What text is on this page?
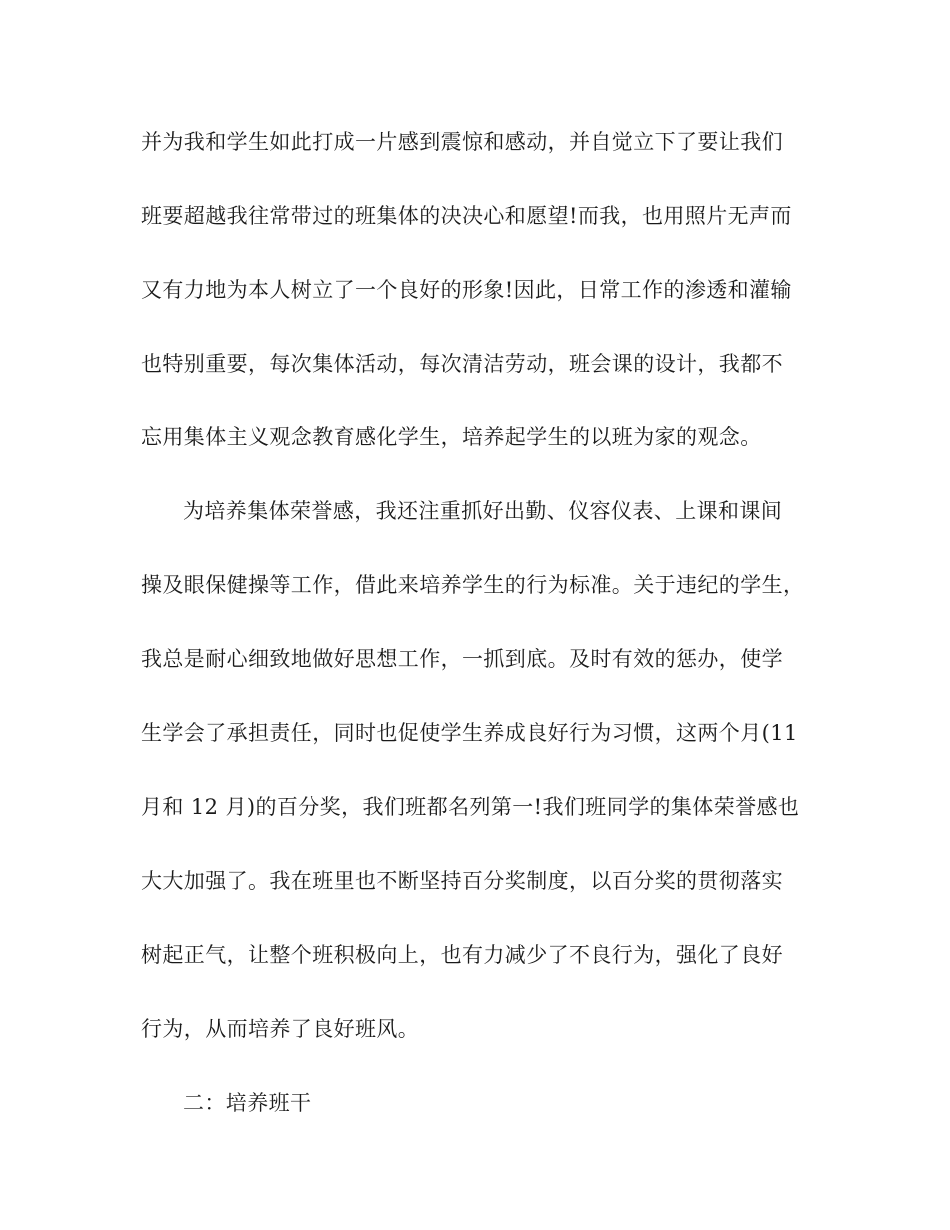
并为我和学生如此打成一片感到震惊和感动，并自觉立下了要让我们
班要超越我往常带过的班集体的决决心和愿望!而我，也用照片无声而
又有力地为本人树立了一个良好的形象!因此，日常工作的渗透和灌输
也特别重要，每次集体活动，每次清洁劳动，班会课的设计，我都不
忘用集体主义观念教育感化学生，培养起学生的以班为家的观念。
为培养集体荣誉感，我还注重抓好出勤、仪容仪表、上课和课间
操及眼保健操等工作，借此来培养学生的行为标准。关于违纪的学生，
我总是耐心细致地做好思想工作，一抓到底。及时有效的惩办，使学
生学会了承担责任，同时也促使学生养成良好行为习惯，这两个月(11
月和 12 月)的百分奖，我们班都名列第一!我们班同学的集体荣誉感也
大大加强了。我在班里也不断坚持百分奖制度，以百分奖的贯彻落实
树起正气，让整个班积极向上，也有力减少了不良行为，强化了良好
行为，从而培养了良好班风。
二：培养班干
